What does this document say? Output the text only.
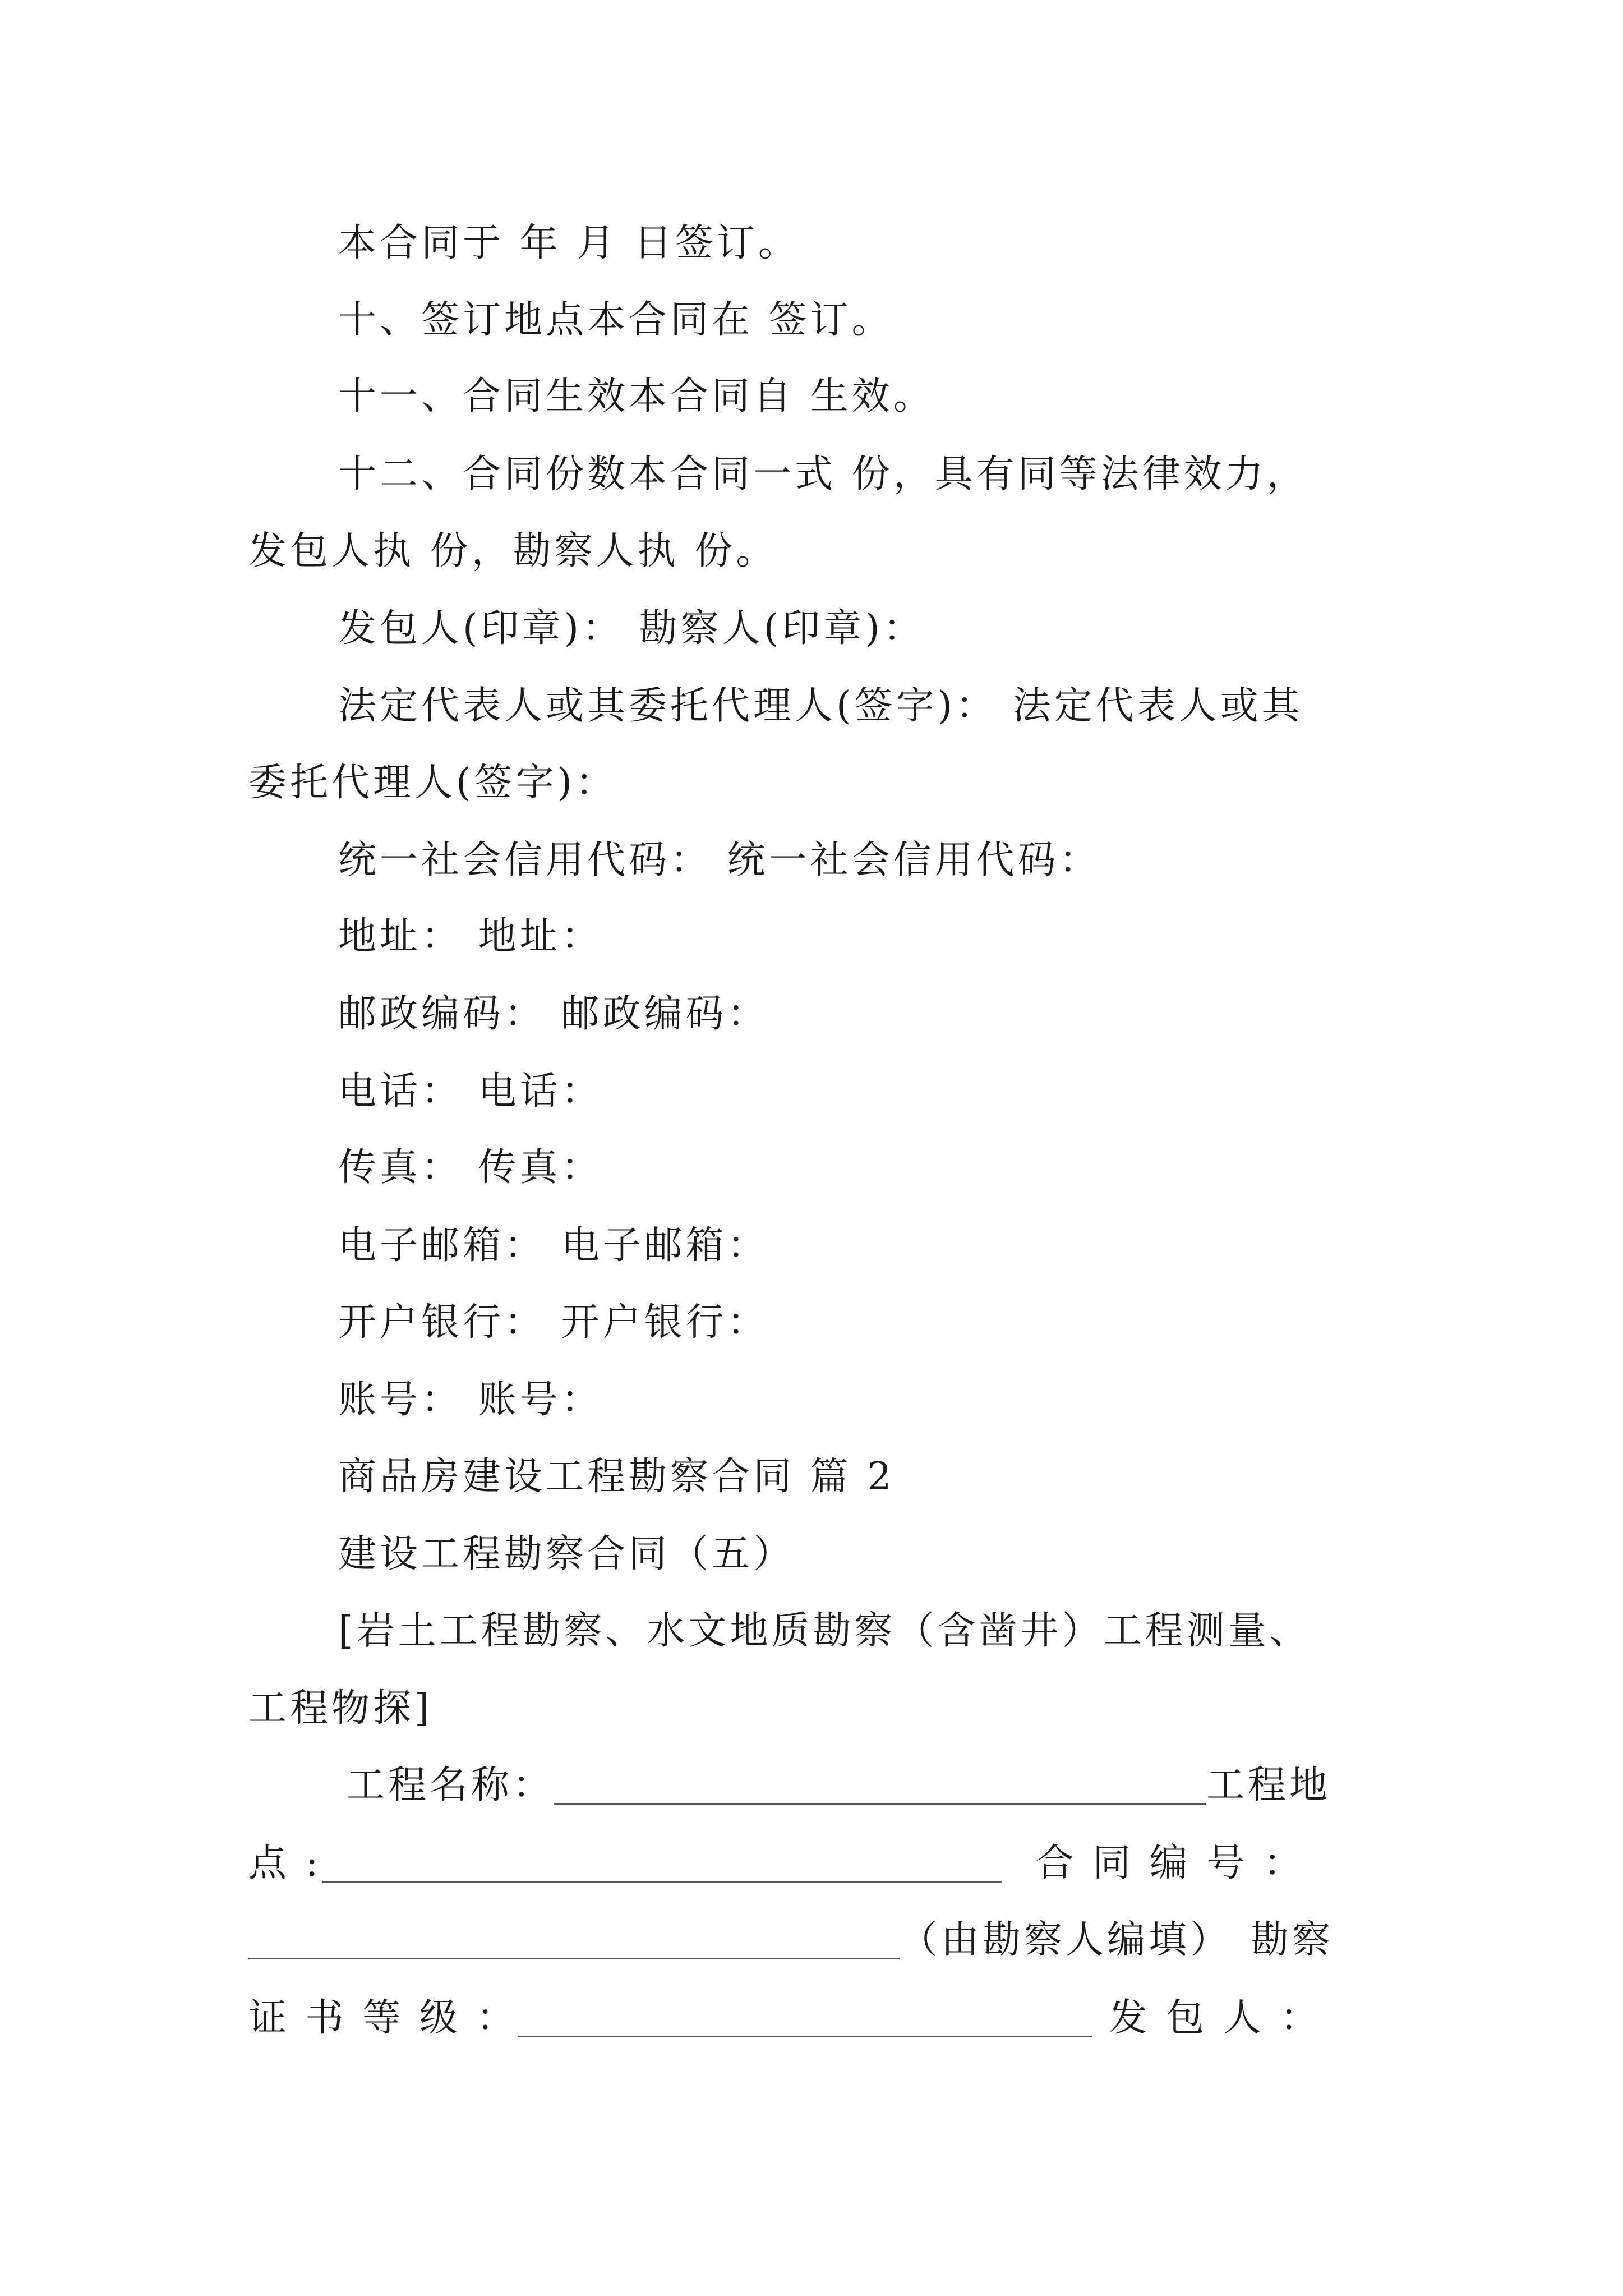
本合同于 年 月 日签订。
十、签订地点本合同在 签订。
十一、合同生效本合同自 生效。
十二、合同份数本合同一式 份，具有同等法律效力，
发包人执 份，勘察人执 份。
发包人(印章)： 勘察人(印章)：
法定代表人或其委托代理人(签字)： 法定代表人或其
委托代理人(签字)：
统一社会信用代码： 统一社会信用代码：
地址： 地址：
邮政编码： 邮政编码：
电话： 电话：
传真： 传真：
电子邮箱： 电子邮箱：
开户银行： 开户银行：
账号： 账号：
商品房建设工程勘察合同 篇 2
建设工程勘察合同（五）
[岩土工程勘察、水文地质勘察（含凿井）工程测量、
工程物探]
工程名称：	工程地
点 :	合 同 编 号 ：
（由勘察人编填） 勘察
证 书 等 级 ：	发 包 人 ：
